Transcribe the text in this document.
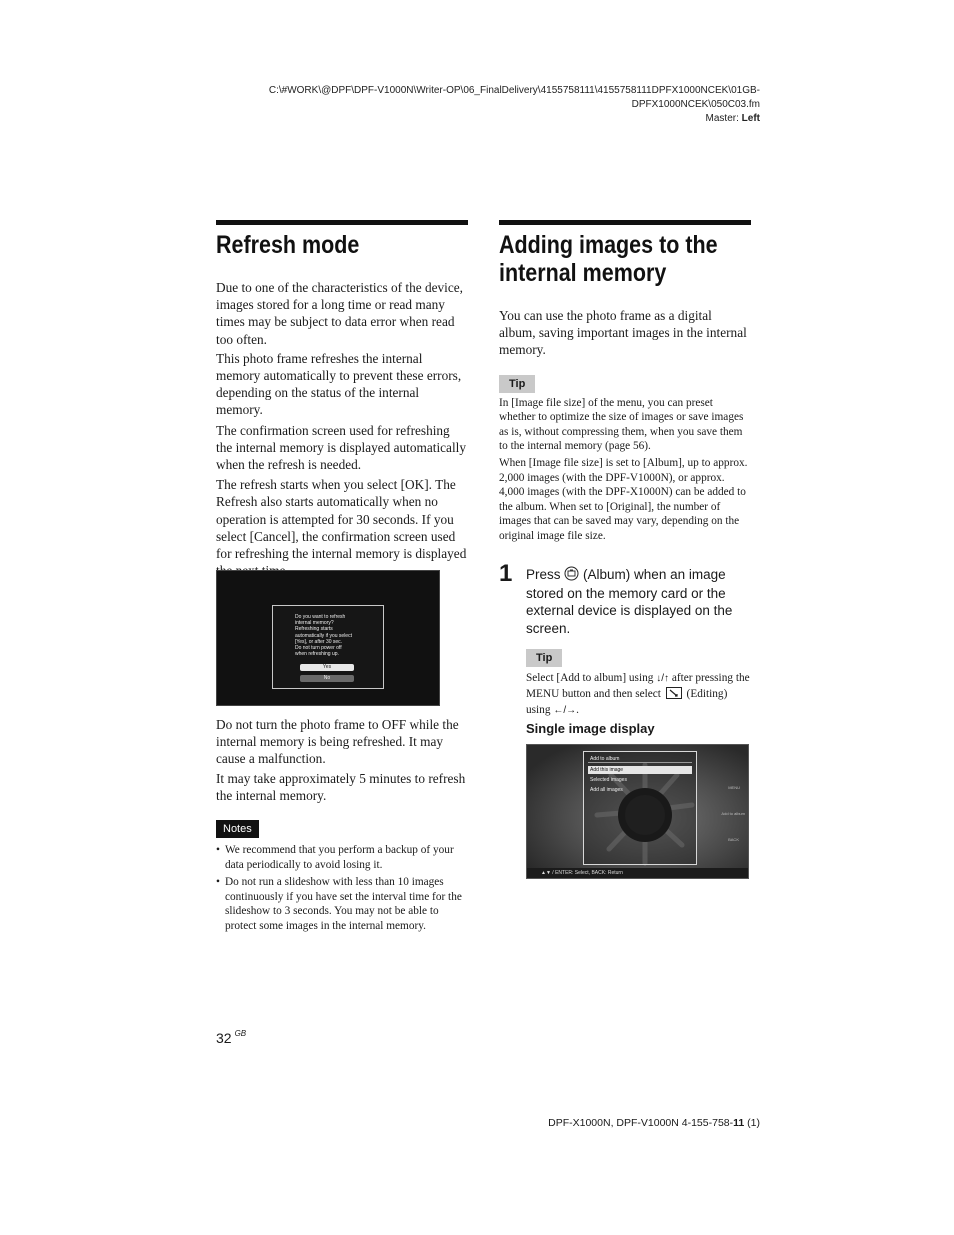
C:\#WORK\@DPF\DPF-V1000N\Writer-OP\06_FinalDelivery\4155758111\4155758111DPFX1000NCEK\01GB-
DPFX1000NCEK\050C03.fm
Master: Left
Refresh mode

Due to one of the characteristics of the device, images stored for a long time or read many times may be subject to data error when read too often.

This photo frame refreshes the internal memory automatically to prevent these errors, depending on the status of the internal memory.

The confirmation screen used for refreshing the internal memory is displayed automatically when the refresh is needed.

The refresh starts when you select [OK]. The Refresh also starts automatically when no operation is attempted for 30 seconds. If you select [Cancel], the confirmation screen used for refreshing the internal memory is displayed

Do you want to refresh
internal memory?
Refreshing starts
automatically if you select
[Yes], or after 30 sec.
Do not turn power off
when refreshing up.
Yes
No

Do not turn the photo frame to OFF while the internal memory is being refreshed. It may cause a malfunction.

It may take approximately 5 minutes to refresh the internal memory.

Notes
• We recommend that you perform a backup of your data periodically to avoid losing it.
• Do not run a slideshow with less than 10 images continuously if you have set the interval time for the slideshow to 3 seconds. You may not be able to protect some images in the internal memory.
Adding images to the
internal memory

You can use the photo frame as a digital album, saving important images in the internal memory.

Tip

In [Image file size] of the menu, you can preset whether to optimize the size of images or save images as is, without compressing them, when you save them to the internal memory (page 56).

When [Image file size] is set to [Album], up to approx. 2,000 images (with the DPF-V1000N), or approx. 4,000 images (with the DPF-X1000N) can be added to the album. When set to [Original], the number of images that can be saved may vary, depending on the original image file size.

1 Press (Album) when an image stored on the memory card or the external device is displayed on the screen.
Tip

Select [Add to album] using ↓/↑ after pressing the MENU button and then select  (Editing) using ←/→.

Single image display
Add to album
Add this image
Selected images
Add all images	MENU
Add to album
BACK
▲▼ / ENTER: Select, BACK: Return
32 $^{GB}$
DPF-X1000N, DPF-V1000N 4-155-758-11 (1)
